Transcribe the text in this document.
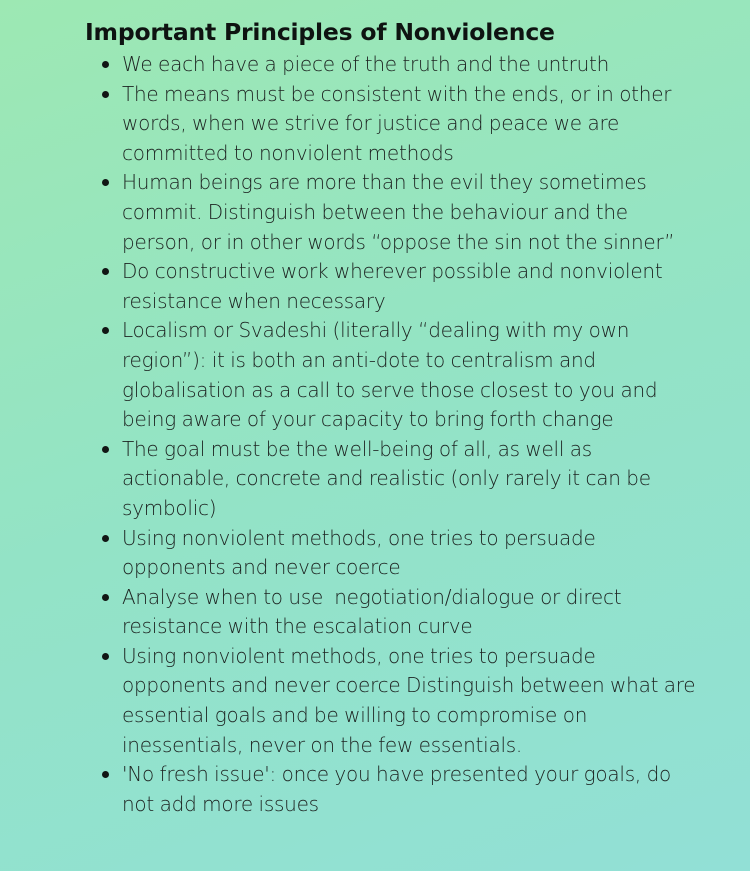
Important Principles of Nonviolence
We each have a piece of the truth and the untruth
The means must be consistent with the ends, or in other words, when we strive for justice and peace we are committed to nonviolent methods
Human beings are more than the evil they sometimes commit. Distinguish between the behaviour and the person, or in other words “oppose the sin not the sinner”
Do constructive work wherever possible and nonviolent resistance when necessary
Localism or Svadeshi (literally “dealing with my own region”): it is both an anti-dote to centralism and globalisation as a call to serve those closest to you and being aware of your capacity to bring forth change
The goal must be the well-being of all, as well as actionable, concrete and realistic (only rarely it can be symbolic)
Using nonviolent methods, one tries to persuade opponents and never coerce
Analyse when to use  negotiation/dialogue or direct resistance with the escalation curve
Using nonviolent methods, one tries to persuade opponents and never coerce Distinguish between what are essential goals and be willing to compromise on inessentials, never on the few essentials.
'No fresh issue': once you have presented your goals, do not add more issues
